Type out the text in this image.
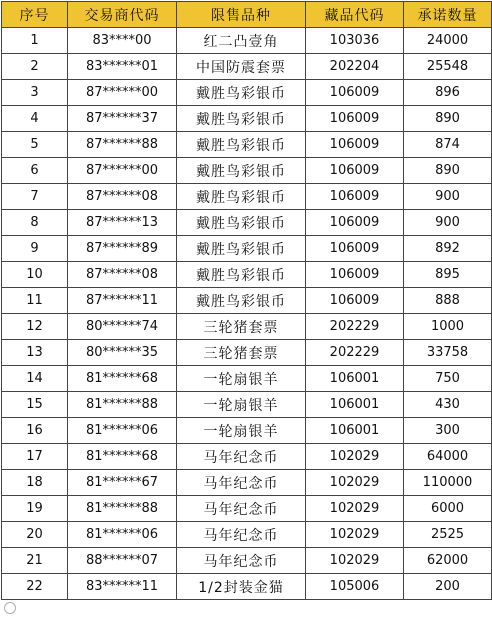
序号	交易商代码	限售品种	藏品代码	承诺数量
1	83****00	红二凸壹角	103036	24000
2	83******01	中国防震套票	202204	25548
3	87******00	戴胜鸟彩银币	106009	896
4	87******37	戴胜鸟彩银币	106009	890
5	87******88	戴胜鸟彩银币	106009	874
6	87******00	戴胜鸟彩银币	106009	890
7	87******08	戴胜鸟彩银币	106009	900
8	87******13	戴胜鸟彩银币	106009	900
9	87******89	戴胜鸟彩银币	106009	892
10	87******08	戴胜鸟彩银币	106009	895
11	87******11	戴胜鸟彩银币	106009	888
12	80******74	三轮猪套票	202229	1000
13	80******35	三轮猪套票	202229	33758
14	81******68	一轮扇银羊	106001	750
15	81******88	一轮扇银羊	106001	430
16	81******06	一轮扇银羊	106001	300
17	81******68	马年纪念币	102029	64000
18	81******67	马年纪念币	102029	110000
19	81******88	马年纪念币	102029	6000
20	81******06	马年纪念币	102029	2525
21	88******07	马年纪念币	102029	62000
22	83******11	1/2封装金猫	105006	200
